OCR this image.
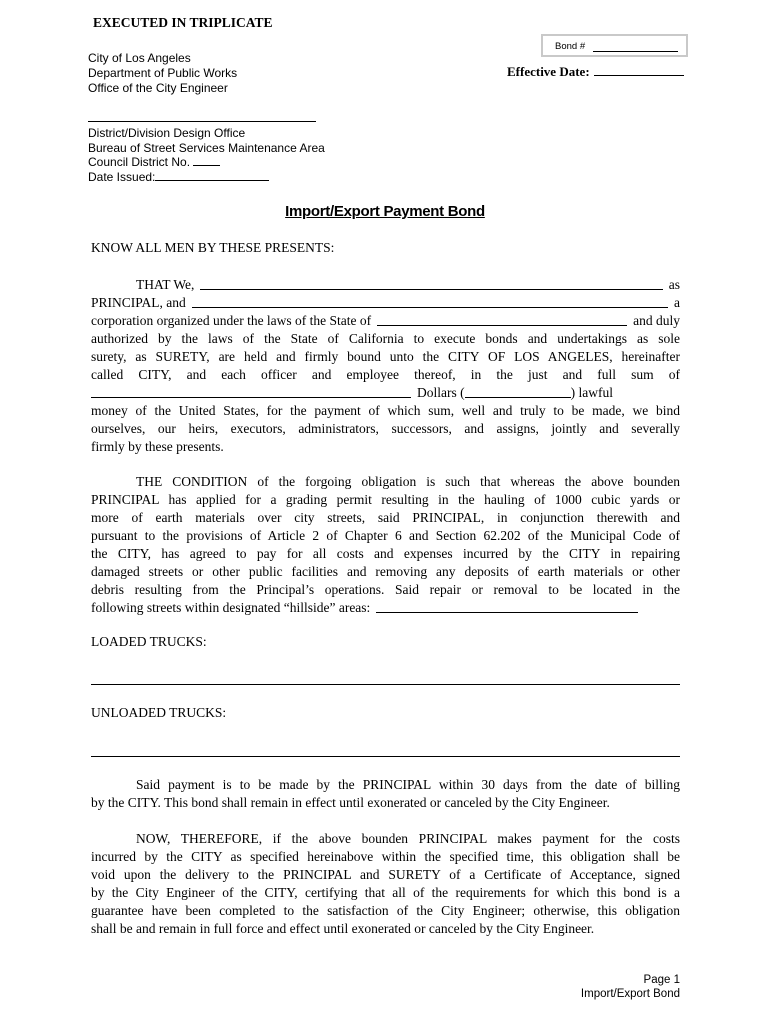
EXECUTED IN TRIPLICATE
City of Los Angeles
Department of Public Works
Office of the City Engineer
Bond #
Effective Date:
District/Division Design Office
Bureau of Street Services Maintenance Area
Council District No.
Date Issued:
Import/Export Payment Bond
KNOW ALL MEN BY THESE PRESENTS:
THAT We,	as
PRINCIPAL, and	a
corporation organized under the laws of the State of	and duly
authorized by the laws of the State of California to execute bonds and undertakings as sole
surety, as SURETY, are held and firmly bound unto the CITY OF LOS ANGELES, hereinafter
called CITY, and each officer and employee thereof, in the just and full sum of
Dollars (	) lawful
money of the United States, for the payment of which sum, well and truly to be made, we bind
ourselves, our heirs, executors, administrators, successors, and assigns, jointly and severally
firmly by these presents.
THE CONDITION of the forgoing obligation is such that whereas the above bounden
PRINCIPAL has applied for a grading permit resulting in the hauling of 1000 cubic yards or
more of earth materials over city streets, said PRINCIPAL, in conjunction therewith and
pursuant to the provisions of Article 2 of Chapter 6 and Section 62.202 of the Municipal Code of
the CITY, has agreed to pay for all costs and expenses incurred by the CITY in repairing
damaged streets or other public facilities and removing any deposits of earth materials or other
debris resulting from the Principal’s operations. Said repair or removal to be located in the
following streets within designated “hillside” areas:
LOADED TRUCKS:
UNLOADED TRUCKS:
Said payment is to be made by the PRINCIPAL within 30 days from the date of billing
by the CITY. This bond shall remain in effect until exonerated or canceled by the City Engineer.
NOW, THEREFORE, if the above bounden PRINCIPAL makes payment for the costs
incurred by the CITY as specified hereinabove within the specified time, this obligation shall be
void upon the delivery to the PRINCIPAL and SURETY of a Certificate of Acceptance, signed
by the City Engineer of the CITY, certifying that all of the requirements for which this bond is a
guarantee have been completed to the satisfaction of the City Engineer; otherwise, this obligation
shall be and remain in full force and effect until exonerated or canceled by the City Engineer.
Page 1
Import/Export Bond
